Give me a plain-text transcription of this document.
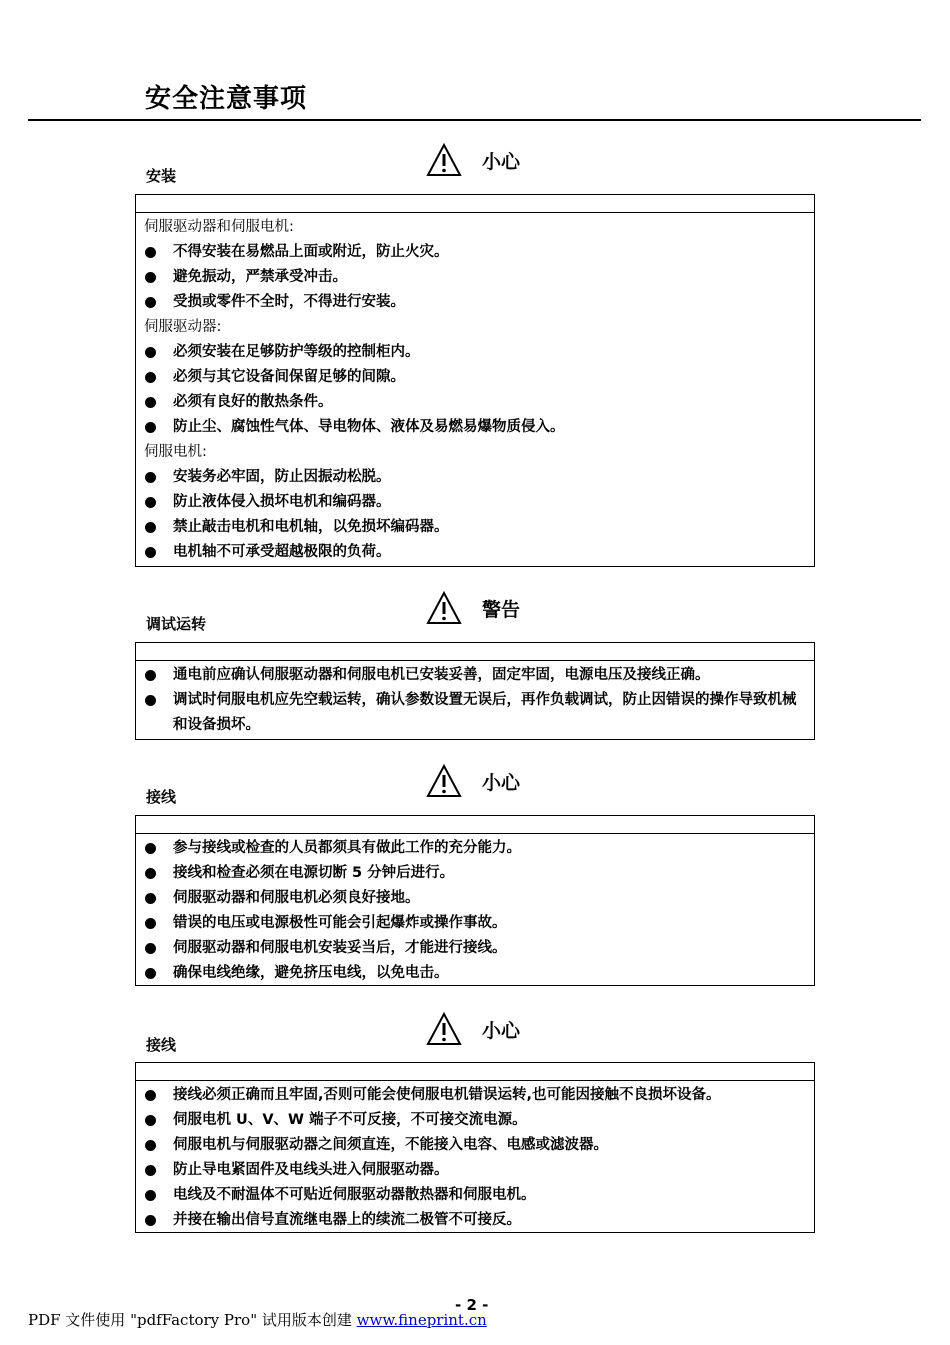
安全注意事项
小心
安装
伺服驱动器和伺服电机:
不得安装在易燃品上面或附近，防止火灾。
避免振动，严禁承受冲击。
受损或零件不全时，不得进行安装。
伺服驱动器:
必须安装在足够防护等级的控制柜内。
必须与其它设备间保留足够的间隙。
必须有良好的散热条件。
防止尘、腐蚀性气体、导电物体、液体及易燃易爆物质侵入。
伺服电机:
安装务必牢固，防止因振动松脱。
防止液体侵入损坏电机和编码器。
禁止敲击电机和电机轴，以免损坏编码器。
电机轴不可承受超越极限的负荷。
警告
调试运转
通电前应确认伺服驱动器和伺服电机已安装妥善，固定牢固，电源电压及接线正确。
调试时伺服电机应先空载运转，确认参数设置无误后，再作负载调试，防止因错误的操作导致机械和设备损坏。
小心
接线
参与接线或检查的人员都须具有做此工作的充分能力。
接线和检查必须在电源切断 5 分钟后进行。
伺服驱动器和伺服电机必须良好接地。
错误的电压或电源极性可能会引起爆炸或操作事故。
伺服驱动器和伺服电机安装妥当后，才能进行接线。
确保电线绝缘，避免挤压电线，以免电击。
小心
接线
接线必须正确而且牢固,否则可能会使伺服电机错误运转,也可能因接触不良损坏设备。
伺服电机 U、V、W 端子不可反接，不可接交流电源。
伺服电机与伺服驱动器之间须直连，不能接入电容、电感或滤波器。
防止导电紧固件及电线头进入伺服驱动器。
电线及不耐温体不可贴近伺服驱动器散热器和伺服电机。
并接在输出信号直流继电器上的续流二极管不可接反。
- 2 -
PDF 文件使用 "pdfFactory Pro" 试用版本创建 www.fineprint.cn
